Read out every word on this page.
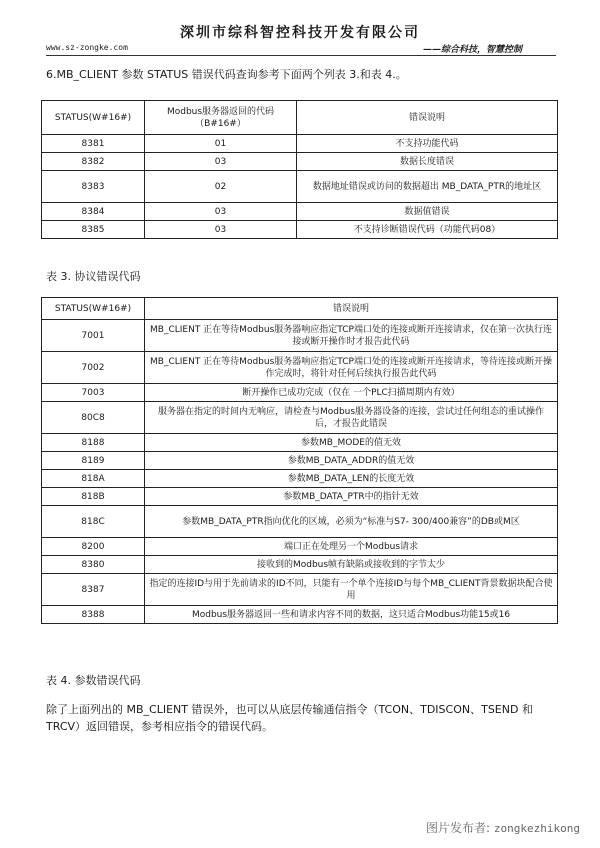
深圳市综科智控科技开发有限公司
www.sz-zongke.com	——综合科技，智慧控制
6.MB_CLIENT 参数 STATUS 错误代码查询参考下面两个列表 3.和表 4.。
STATUS(W#16#)	Modbus服务器返回的代码（B#16#）	错误说明
8381	01	不支持功能代码
8382	03	数据长度错误
8383	02	数据地址错误或访问的数据超出 MB_DATA_PTR的地址区
8384	03	数据值错误
8385	03	不支持诊断错误代码（功能代码08）
表 3. 协议错误代码
STATUS(W#16#)	错误说明
7001	MB_CLIENT 正在等待Modbus服务器响应指定TCP端口处的连接或断开连接请求，仅在第一次执行连接或断开操作时才报告此代码
7002	MB_CLIENT 正在等待Modbus服务器响应指定TCP端口处的连接或断开连接请求，等待连接或断开操作完成时，将针对任何后续执行报告此代码
7003	断开操作已成功完成（仅在 一个PLC扫描周期内有效）
80C8	服务器在指定的时间内无响应，请检查与Modbus服务器设备的连接，尝试过任何组态的重试操作后，才报告此错误
8188	参数MB_MODE的值无效
8189	参数MB_DATA_ADDR的值无效
818A	参数MB_DATA_LEN的长度无效
818B	参数MB_DATA_PTR中的指针无效
818C	参数MB_DATA_PTR指向优化的区域，必须为“标准与S7- 300/400兼容”的DB或M区
8200	端口正在处理另一个Modbus请求
8380	接收到的Modbus帧有缺陷或接收到的字节太少
8387	指定的连接ID与用于先前请求的ID不同，只能有一个单个连接ID与每个MB_CLIENT背景数据块配合使用
8388	Modbus服务器返回一些和请求内容不同的数据，这只适合Modbus功能15或16
表 4. 参数错误代码
除了上面列出的 MB_CLIENT 错误外，也可以从底层传输通信指令（TCON、TDISCON、TSEND 和 TRCV）返回错误，参考相应指令的错误代码。
图片发布者: zongkezhikong
